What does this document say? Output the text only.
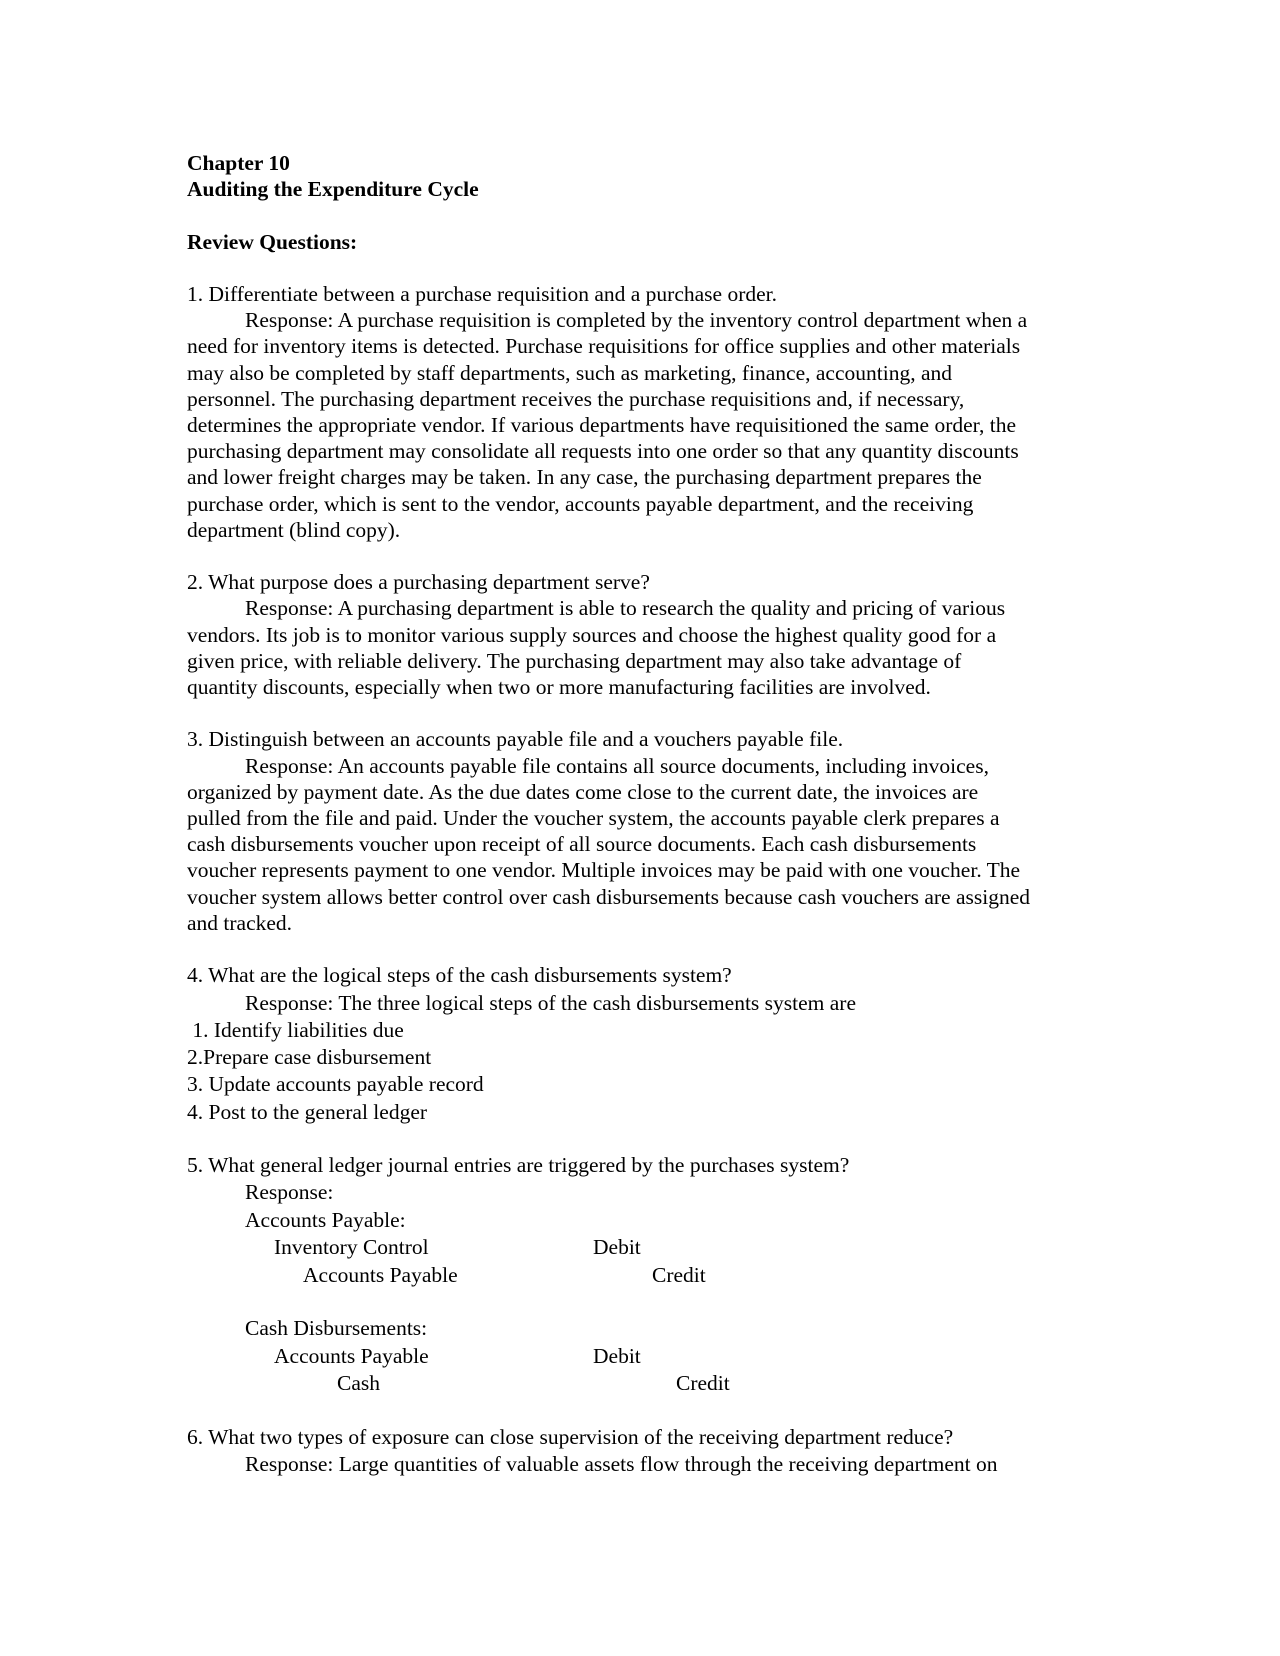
Chapter 10
Auditing the Expenditure Cycle
Review Questions:
1. Differentiate between a purchase requisition and a purchase order.
Response: A purchase requisition is completed by the inventory control department when a
need for inventory items is detected. Purchase requisitions for office supplies and other materials
may also be completed by staff departments, such as marketing, finance, accounting, and
personnel. The purchasing department receives the purchase requisitions and, if necessary,
determines the appropriate vendor. If various departments have requisitioned the same order, the
purchasing department may consolidate all requests into one order so that any quantity discounts
and lower freight charges may be taken. In any case, the purchasing department prepares the
purchase order, which is sent to the vendor, accounts payable department, and the receiving
department (blind copy).
2. What purpose does a purchasing department serve?
Response: A purchasing department is able to research the quality and pricing of various
vendors. Its job is to monitor various supply sources and choose the highest quality good for a
given price, with reliable delivery. The purchasing department may also take advantage of
quantity discounts, especially when two or more manufacturing facilities are involved.
3. Distinguish between an accounts payable file and a vouchers payable file.
Response: An accounts payable file contains all source documents, including invoices,
organized by payment date. As the due dates come close to the current date, the invoices are
pulled from the file and paid. Under the voucher system, the accounts payable clerk prepares a
cash disbursements voucher upon receipt of all source documents. Each cash disbursements
voucher represents payment to one vendor. Multiple invoices may be paid with one voucher. The
voucher system allows better control over cash disbursements because cash vouchers are assigned
and tracked.
4. What are the logical steps of the cash disbursements system?
Response: The three logical steps of the cash disbursements system are
1. Identify liabilities due
2.Prepare case disbursement
3. Update accounts payable record
4. Post to the general ledger
5. What general ledger journal entries are triggered by the purchases system?
Response:
Accounts Payable:
Inventory Control	Debit
Accounts Payable	Credit
Cash Disbursements:
Accounts Payable	Debit
Cash	Credit
6. What two types of exposure can close supervision of the receiving department reduce?
Response: Large quantities of valuable assets flow through the receiving department on
